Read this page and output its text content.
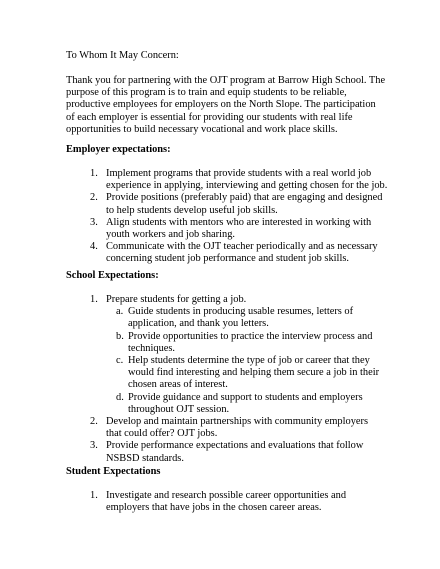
To Whom It May Concern:

Thank you for partnering with the OJT program at Barrow High School. The purpose of this program is to train and equip students to be reliable, productive employees for employers on the North Slope. The participation of each employer is essential for providing our students with real life opportunities to build necessary vocational and work place skills.

Employer expectations:

1. Implement programs that provide students with a real world job experience in applying, interviewing and getting chosen for the job.
2. Provide positions (preferably paid) that are engaging and designed to help students develop useful job skills.
3. Align students with mentors who are interested in working with youth workers and job sharing.
4. Communicate with the OJT teacher periodically and as necessary concerning student job performance and student job skills.

School Expectations:

1. Prepare students for getting a job.
a. Guide students in producing usable resumes, letters of application, and thank you letters.
b. Provide opportunities to practice the interview process and techniques.
c. Help students determine the type of job or career that they would find interesting and helping them secure a job in their chosen areas of interest.
d. Provide guidance and support to students and employers throughout OJT session.
2. Develop and maintain partnerships with community employers that could offer? OJT jobs.
3. Provide performance expectations and evaluations that follow NSBSD standards.

Student Expectations

1. Investigate and research possible career opportunities and employers that have jobs in the chosen career areas.
